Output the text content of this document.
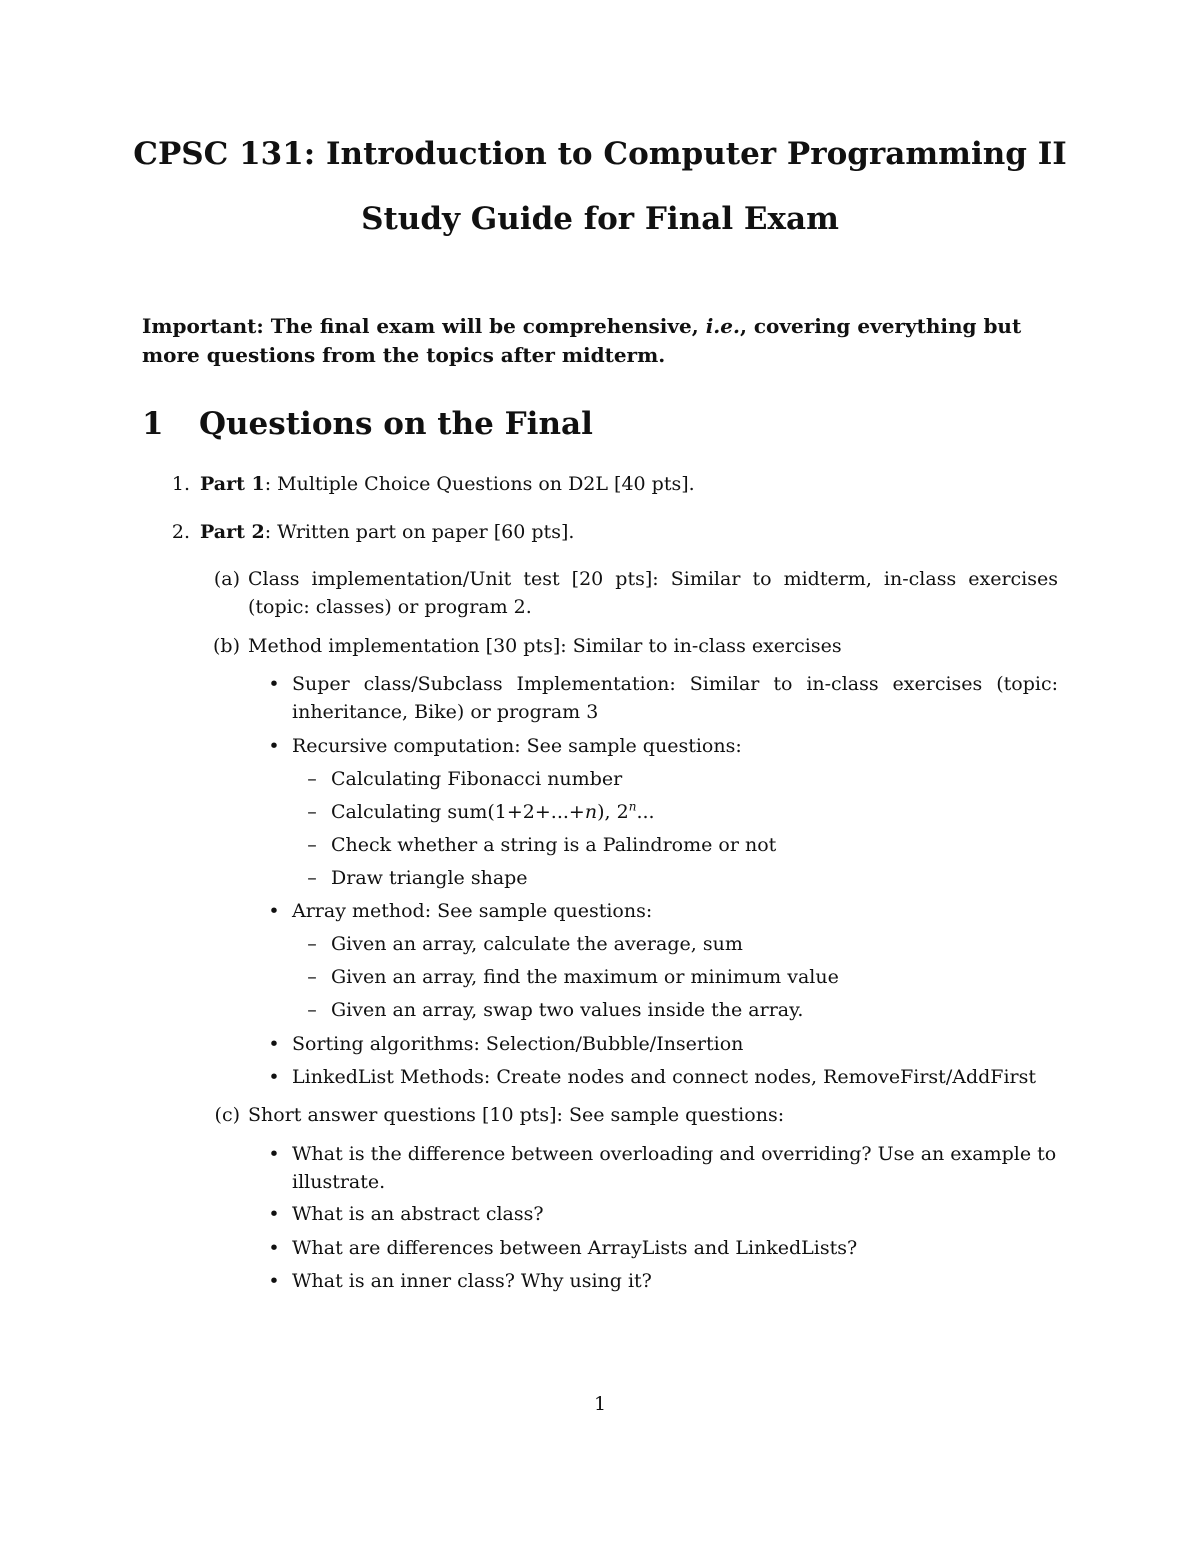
CPSC 131: Introduction to Computer Programming II
Study Guide for Final Exam
Important: The final exam will be comprehensive, i.e., covering everything but more questions from the topics after midterm.
1 Questions on the Final
1. Part 1: Multiple Choice Questions on D2L [40 pts].
2. Part 2: Written part on paper [60 pts].
(a) Class implementation/Unit test [20 pts]: Similar to midterm, in-class exercises (topic: classes) or program 2.
(b) Method implementation [30 pts]: Similar to in-class exercises
• Super class/Subclass Implementation: Similar to in-class exercises (topic: inheritance, Bike) or program 3
• Recursive computation: See sample questions:
– Calculating Fibonacci number
– Calculating sum(1+2+...+n), 2$^n$...
– Check whether a string is a Palindrome or not
– Draw triangle shape
• Array method: See sample questions:
– Given an array, calculate the average, sum
– Given an array, find the maximum or minimum value
– Given an array, swap two values inside the array.
• Sorting algorithms: Selection/Bubble/Insertion
• LinkedList Methods: Create nodes and connect nodes, RemoveFirst/AddFirst
(c) Short answer questions [10 pts]: See sample questions:
• What is the difference between overloading and overriding? Use an example to illustrate.
• What is an abstract class?
• What are differences between ArrayLists and LinkedLists?
• What is an inner class? Why using it?
1
